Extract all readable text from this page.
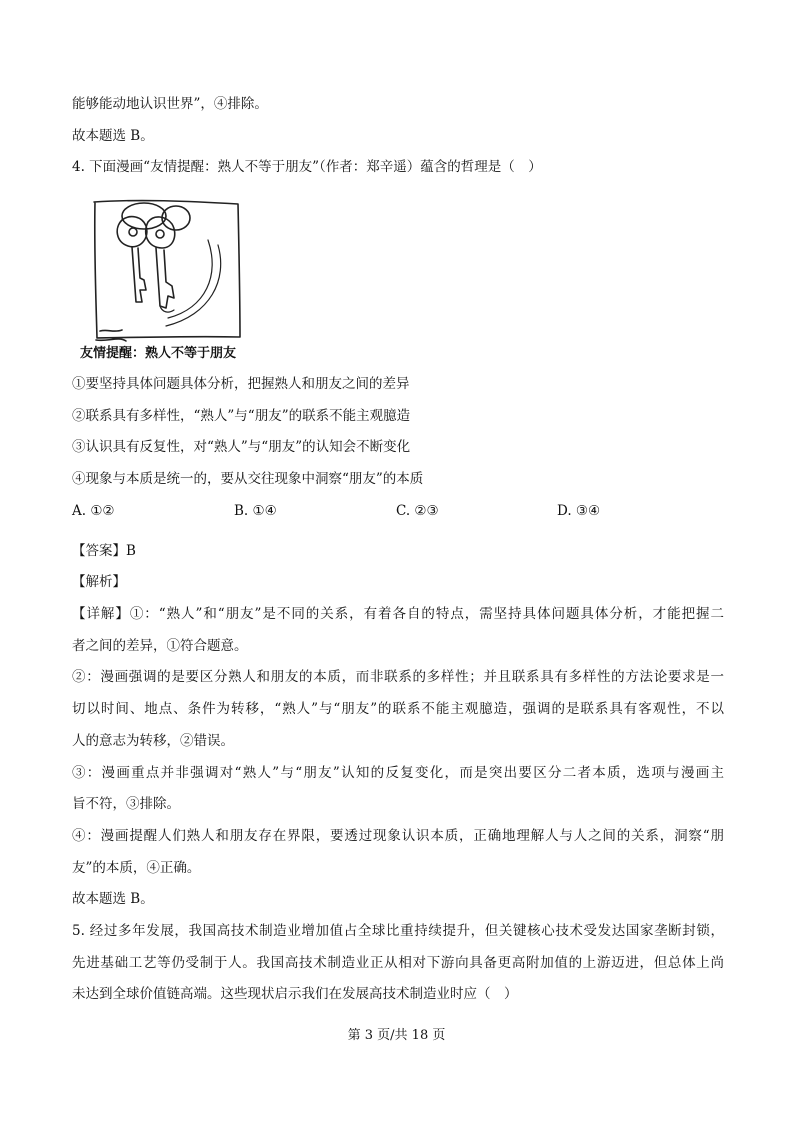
能够能动地认识世界”，④排除。
故本题选 B。
4. 下面漫画“友情提醒：熟人不等于朋友”（作者：郑辛遥）蕴含的哲理是（　）
友情提醒：熟人不等于朋友
①要坚持具体问题具体分析，把握熟人和朋友之间的差异
②联系具有多样性，“熟人”与“朋友”的联系不能主观臆造
③认识具有反复性，对“熟人”与“朋友”的认知会不断变化
④现象与本质是统一的，要从交往现象中洞察“朋友”的本质
A. ①②	B. ①④	C. ②③	D. ③④
【答案】B
【解析】
【详解】①：“熟人”和“朋友”是不同的关系，有着各自的特点，需坚持具体问题具体分析，才能把握二
者之间的差异，①符合题意。
②：漫画强调的是要区分熟人和朋友的本质，而非联系的多样性；并且联系具有多样性的方法论要求是一
切以时间、地点、条件为转移，“熟人”与“朋友”的联系不能主观臆造，强调的是联系具有客观性，不以
人的意志为转移，②错误。
③：漫画重点并非强调对“熟人”与“朋友”认知的反复变化，而是突出要区分二者本质，选项与漫画主
旨不符，③排除。
④：漫画提醒人们熟人和朋友存在界限，要透过现象认识本质，正确地理解人与人之间的关系，洞察“朋
友”的本质，④正确。
故本题选 B。
5. 经过多年发展，我国高技术制造业增加值占全球比重持续提升，但关键核心技术受发达国家垄断封锁，
先进基础工艺等仍受制于人。我国高技术制造业正从相对下游向具备更高附加值的上游迈进，但总体上尚
未达到全球价值链高端。这些现状启示我们在发展高技术制造业时应（　）
第 3 页/共 18 页
